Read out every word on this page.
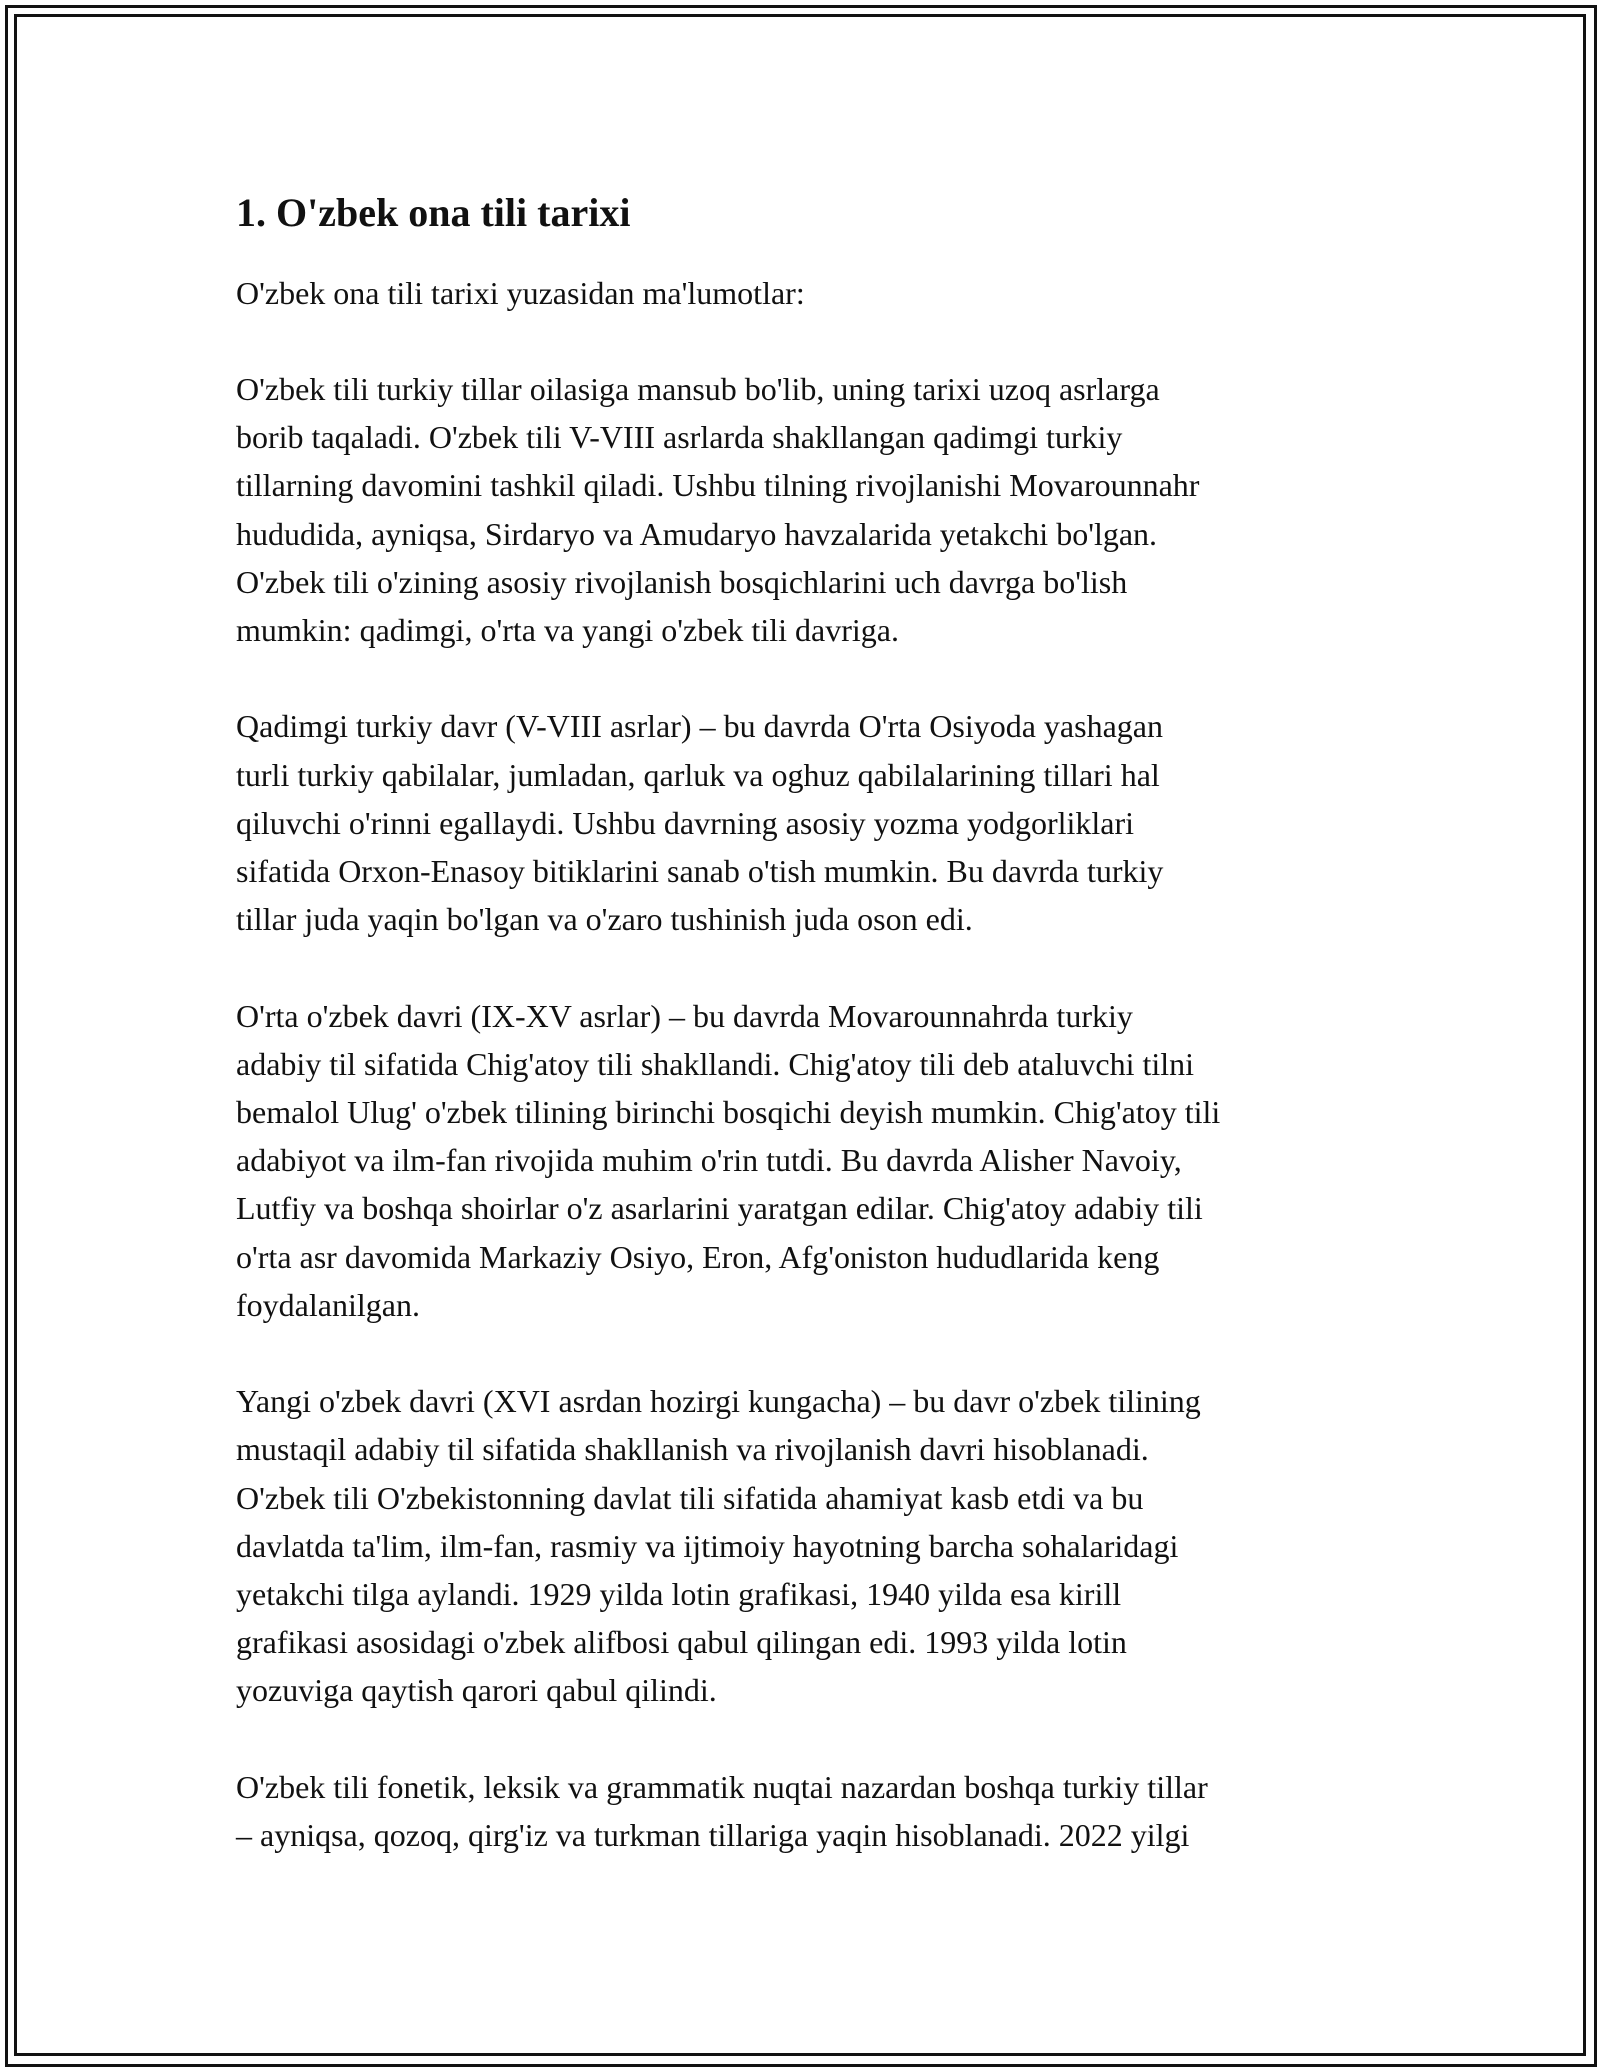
1. O'zbek ona tili tarixi

O'zbek ona tili tarixi yuzasidan ma'lumotlar:

O'zbek tili turkiy tillar oilasiga mansub bo'lib, uning tarixi uzoq asrlarga
borib taqaladi. O'zbek tili V-VIII asrlarda shakllangan qadimgi turkiy
tillarning davomini tashkil qiladi. Ushbu tilning rivojlanishi Movarounnahr
hududida, ayniqsa, Sirdaryo va Amudaryo havzalarida yetakchi bo'lgan.
O'zbek tili o'zining asosiy rivojlanish bosqichlarini uch davrga bo'lish
mumkin: qadimgi, o'rta va yangi o'zbek tili davriga.

Qadimgi turkiy davr (V-VIII asrlar) – bu davrda O'rta Osiyoda yashagan
turli turkiy qabilalar, jumladan, qarluk va oghuz qabilalarining tillari hal
qiluvchi o'rinni egallaydi. Ushbu davrning asosiy yozma yodgorliklari
sifatida Orxon-Enasoy bitiklarini sanab o'tish mumkin. Bu davrda turkiy
tillar juda yaqin bo'lgan va o'zaro tushinish juda oson edi.

O'rta o'zbek davri (IX-XV asrlar) – bu davrda Movarounnahrda turkiy
adabiy til sifatida Chig'atoy tili shakllandi. Chig'atoy tili deb ataluvchi tilni
bemalol Ulug' o'zbek tilining birinchi bosqichi deyish mumkin. Chig'atoy tili
adabiyot va ilm-fan rivojida muhim o'rin tutdi. Bu davrda Alisher Navoiy,
Lutfiy va boshqa shoirlar o'z asarlarini yaratgan edilar. Chig'atoy adabiy tili
o'rta asr davomida Markaziy Osiyo, Eron, Afg'oniston hududlarida keng
foydalanilgan.

Yangi o'zbek davri (XVI asrdan hozirgi kungacha) – bu davr o'zbek tilining
mustaqil adabiy til sifatida shakllanish va rivojlanish davri hisoblanadi.
O'zbek tili O'zbekistonning davlat tili sifatida ahamiyat kasb etdi va bu
davlatda ta'lim, ilm-fan, rasmiy va ijtimoiy hayotning barcha sohalaridagi
yetakchi tilga aylandi. 1929 yilda lotin grafikasi, 1940 yilda esa kirill
grafikasi asosidagi o'zbek alifbosi qabul qilingan edi. 1993 yilda lotin
yozuviga qaytish qarori qabul qilindi.

O'zbek tili fonetik, leksik va grammatik nuqtai nazardan boshqa turkiy tillar
– ayniqsa, qozoq, qirg'iz va turkman tillariga yaqin hisoblanadi. 2022 yilgi
